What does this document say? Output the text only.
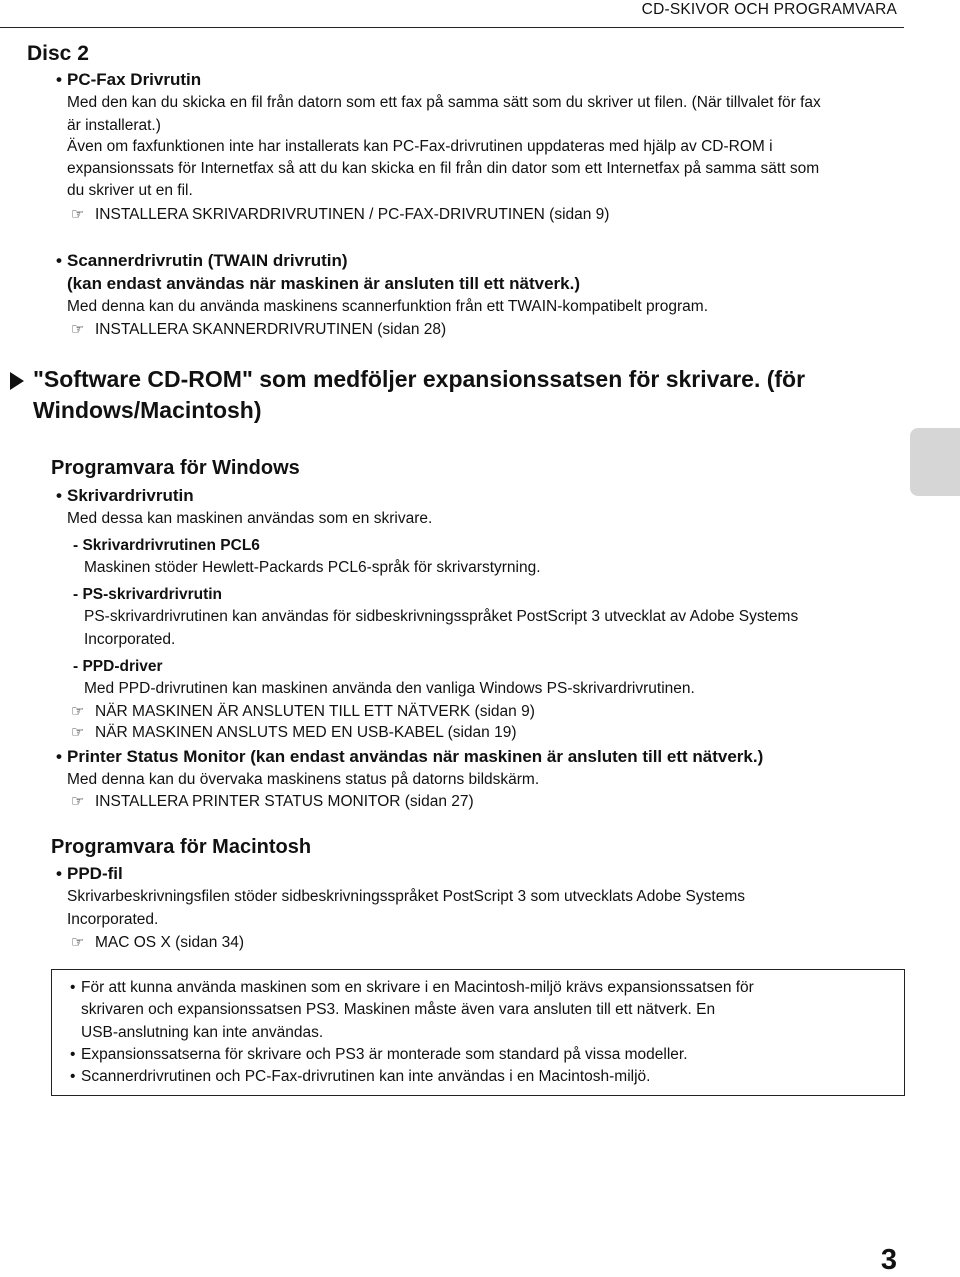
CD-SKIVOR OCH PROGRAMVARA
Disc 2
• PC-Fax Drivrutin
Med den kan du skicka en fil från datorn som ett fax på samma sätt som du skriver ut filen. (När tillvalet för fax
är installerat.)
Även om faxfunktionen inte har installerats kan PC-Fax-drivrutinen uppdateras med hjälp av CD-ROM i
expansionssats för Internetfax så att du kan skicka en fil från din dator som ett Internetfax på samma sätt som
du skriver ut en fil.
☞ INSTALLERA SKRIVARDRIVRUTINEN / PC-FAX-DRIVRUTINEN (sidan 9)
• Scannerdrivrutin (TWAIN drivrutin)
(kan endast användas när maskinen är ansluten till ett nätverk.)
Med denna kan du använda maskinens scannerfunktion från ett TWAIN-kompatibelt program.
☞ INSTALLERA SKANNERDRIVRUTINEN (sidan 28)
"Software CD-ROM" som medföljer expansionssatsen för skrivare. (för Windows/Macintosh)
Programvara för Windows
• Skrivardrivrutin
Med dessa kan maskinen användas som en skrivare.
- Skrivardrivrutinen PCL6
Maskinen stöder Hewlett-Packards PCL6-språk för skrivarstyrning.
- PS-skrivardrivrutin
PS-skrivardrivrutinen kan användas för sidbeskrivningsspråket PostScript 3 utvecklat av Adobe Systems
Incorporated.
- PPD-driver
Med PPD-drivrutinen kan maskinen använda den vanliga Windows PS-skrivardrivrutinen.
☞ NÄR MASKINEN ÄR ANSLUTEN TILL ETT NÄTVERK (sidan 9)
☞ NÄR MASKINEN ANSLUTS MED EN USB-KABEL (sidan 19)
• Printer Status Monitor (kan endast användas när maskinen är ansluten till ett nätverk.)
Med denna kan du övervaka maskinens status på datorns bildskärm.
☞ INSTALLERA PRINTER STATUS MONITOR (sidan 27)
Programvara för Macintosh
• PPD-fil
Skrivarbeskrivningsfilen stöder sidbeskrivningsspråket PostScript 3 som utvecklats Adobe Systems
Incorporated.
☞ MAC OS X (sidan 34)
• För att kunna använda maskinen som en skrivare i en Macintosh-miljö krävs expansionssatsen för
skrivaren och expansionssatsen PS3. Maskinen måste även vara ansluten till ett nätverk. En
USB-anslutning kan inte användas.
• Expansionssatserna för skrivare och PS3 är monterade som standard på vissa modeller.
• Scannerdrivrutinen och PC-Fax-drivrutinen kan inte användas i en Macintosh-miljö.
3
